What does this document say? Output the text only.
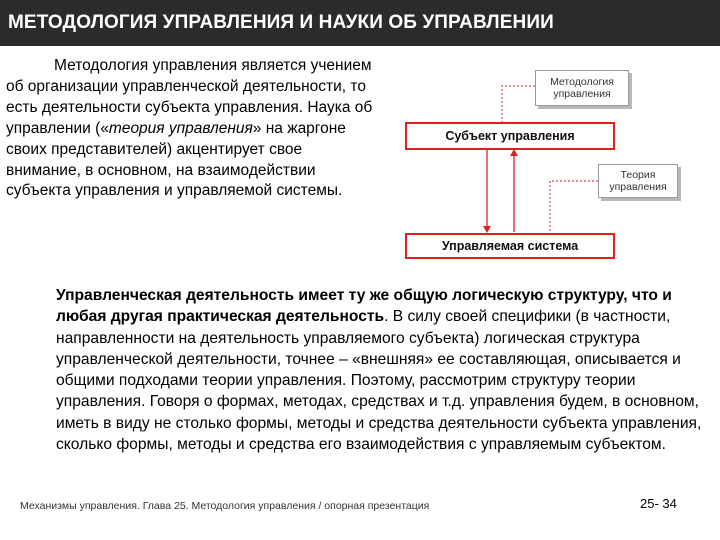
МЕТОДОЛОГИЯ УПРАВЛЕНИЯ И НАУКИ ОБ УПРАВЛЕНИИ
Методология управления является учением об организации управленческой деятельности, то есть деятельности субъекта управления. Наука об управлении («теория управления» на жаргоне своих представителей) акцентирует свое внимание, в основном, на взаимодействии субъекта управления и управляемой системы.
Методология управления
Субъект управления
Теория управления
Управляемая система
Управленческая деятельность имеет ту же общую логическую структуру, что и любая другая практическая деятельность. В силу своей специфики (в частности, направленности на деятельность управляемого субъекта) логическая структура управленческой деятельности, точнее – «внешняя» ее составляющая, описывается и общими подходами теории управления. Поэтому, рассмотрим структуру теории управления. Говоря о формах, методах, средствах и т.д. управления будем, в основном, иметь в виду не столько формы, методы и средства деятельности субъекта управления, сколько формы, методы и средства его взаимодействия с управляемым субъектом.
Механизмы управления. Глава 25. Методология управления / опорная презентация	25- 34
